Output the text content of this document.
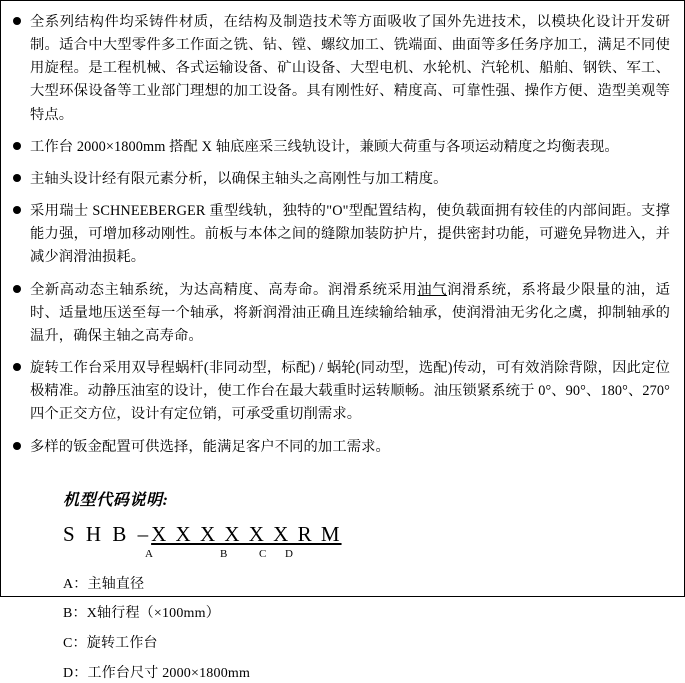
全系列结构件均采铸件材质，在结构及制造技术等方面吸收了国外先进技术，以模块化设计开发研制。适合中大型零件多工作面之铣、钻、镗、螺纹加工、铣端面、曲面等多任务序加工，满足不同使用旋程。是工程机械、各式运输设备、矿山设备、大型电机、水轮机、汽轮机、船舶、钢铁、军工、大型环保设备等工业部门理想的加工设备。具有刚性好、精度高、可靠性强、操作方便、造型美观等特点。
工作台 2000×1800mm 搭配 X 轴底座采三线轨设计，兼顾大荷重与各项运动精度之均衡表现。
主轴头设计经有限元素分析，以确保主轴头之高刚性与加工精度。
采用瑞士 SCHNEEBERGER 重型线轨，独特的"O"型配置结构，使负载面拥有较佳的内部间距。支撑能力强，可增加移动刚性。前板与本体之间的缝隙加装防护片，提供密封功能，可避免异物进入，并减少润滑油损耗。
全新高动态主轴系统，为达高精度、高寿命。润滑系统采用油气润滑系统，系将最少限量的油，适时、适量地压送至每一个轴承，将新润滑油正确且连续输给轴承，使润滑油无劣化之虞，抑制轴承的温升，确保主轴之高寿命。
旋转工作台采用双导程蜗杆(非同动型，标配) / 蜗轮(同动型，选配)传动，可有效消除背隙，因此定位极精准。动静压油室的设计，使工作台在最大载重时运转顺畅。油压锁紧系统于 0°、90°、180°、270°四个正交方位，设计有定位销，可承受重切削需求。
多样的钣金配置可供选择，能满足客户不同的加工需求。
机型代码说明:
S H B –X X X X X X R M
A	B	C D
A：主轴直径
B：X轴行程（×100mm）
C：旋转工作台
D：工作台尺寸 2000×1800mm
